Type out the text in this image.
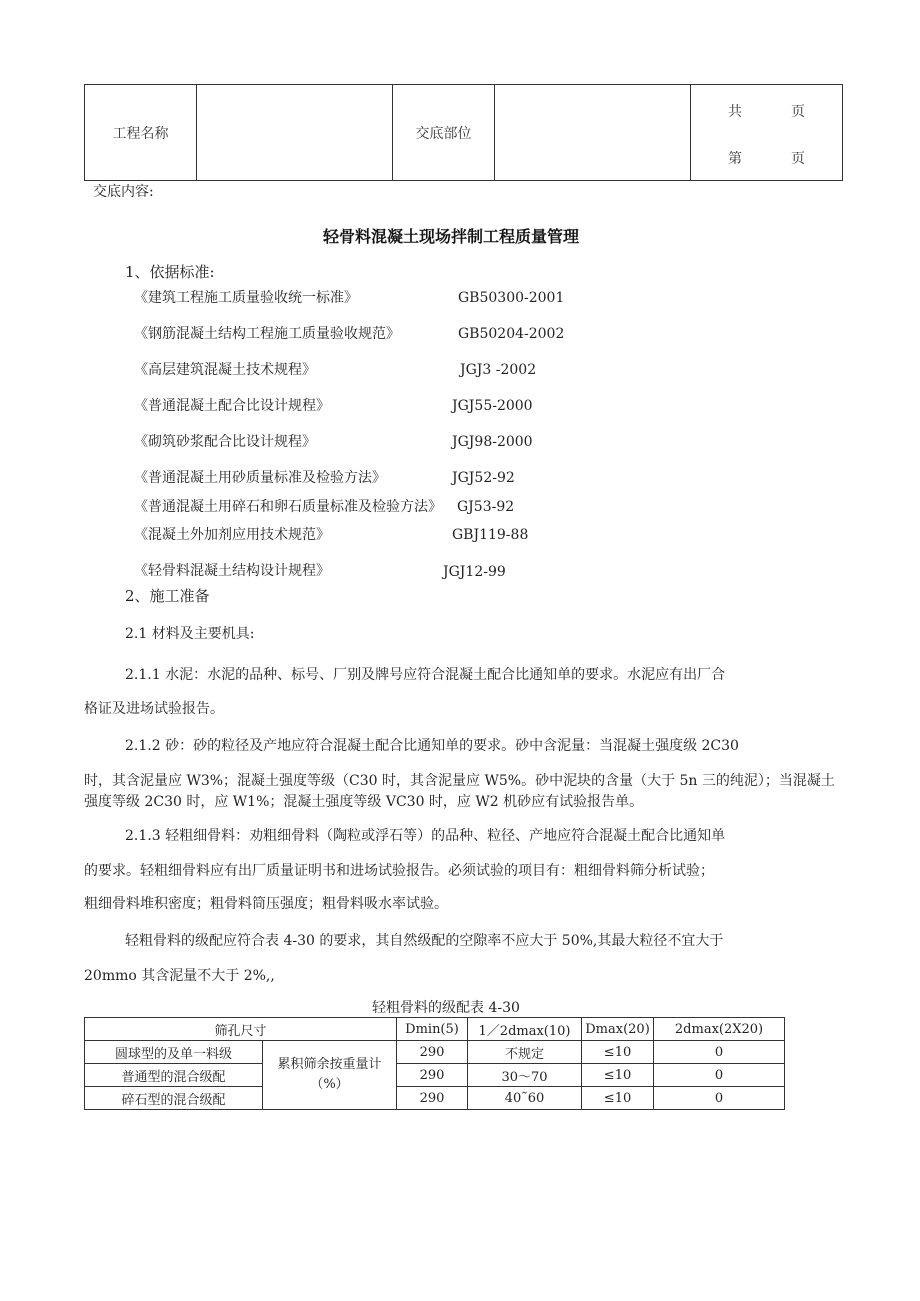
工程名称		交底部位		
共	页
第	页
交底内容:
轻骨料混凝土现场拌制工程质量管理
1、依据标准:
《建筑工程施工质量验收统一标准》	GB50300-2001
《钢筋混凝土结构工程施工质量验收规范》	GB50204-2002
《高层建筑混凝土技术规程》	JGJ3 -2002
《普通混凝土配合比设计规程》	JGJ55-2000
《砌筑砂浆配合比设计规程》	JGJ98-2000
《普通混凝土用砂质量标准及检验方法》	JGJ52-92
《普通混凝土用碎石和卵石质量标准及检验方法》 GJ53-92
《混凝土外加剂应用技术规范》	GBJ119-88
《轻骨料混凝土结构设计规程》	JGJ12-99
2、施工准备
2.1 材料及主要机具:
2.1.1 水泥：水泥的品种、标号、厂别及牌号应符合混凝土配合比通知单的要求。水泥应有出厂合
格证及进场试验报告。
2.1.2 砂：砂的粒径及产地应符合混凝土配合比通知单的要求。砂中含泥量：当混凝土强度级 2C30
时，其含泥量应 W3%；混凝土强度等级（C30 时，其含泥量应 W5%。砂中泥块的含量（大于 5n 三的纯泥）；当混凝土
强度等级 2C30 时，应 W1%；混凝土强度等级 VC30 时，应 W2 机砂应有试验报告单。
2.1.3 轻粗细骨料：劝粗细骨料（陶粒或浮石等）的品种、粒径、产地应符合混凝土配合比通知单
的要求。轻粗细骨料应有出厂质量证明书和进场试验报告。必须试验的项目有：粗细骨料筛分析试验；
粗细骨料堆积密度；粗骨料筒压强度；粗骨料吸水率试验。
轻粗骨料的级配应符合表 4-30 的要求，其自然级配的空隙率不应大于 50%,其最大粒径不宜大于
20mmo 其含泥量不大于 2%,,
轻粗骨料的级配表 4-30
筛孔尺寸		Dmin(5)	1／2dmax(10)	Dmax(20)	2dmax(2X20)
圆球型的及单一料级	累积筛余按重量计（%）	290	不规定	≤10	0
普通型的混合级配		290	30～70	≤10	0
碎石型的混合级配		290	40˜60	≤10	0
